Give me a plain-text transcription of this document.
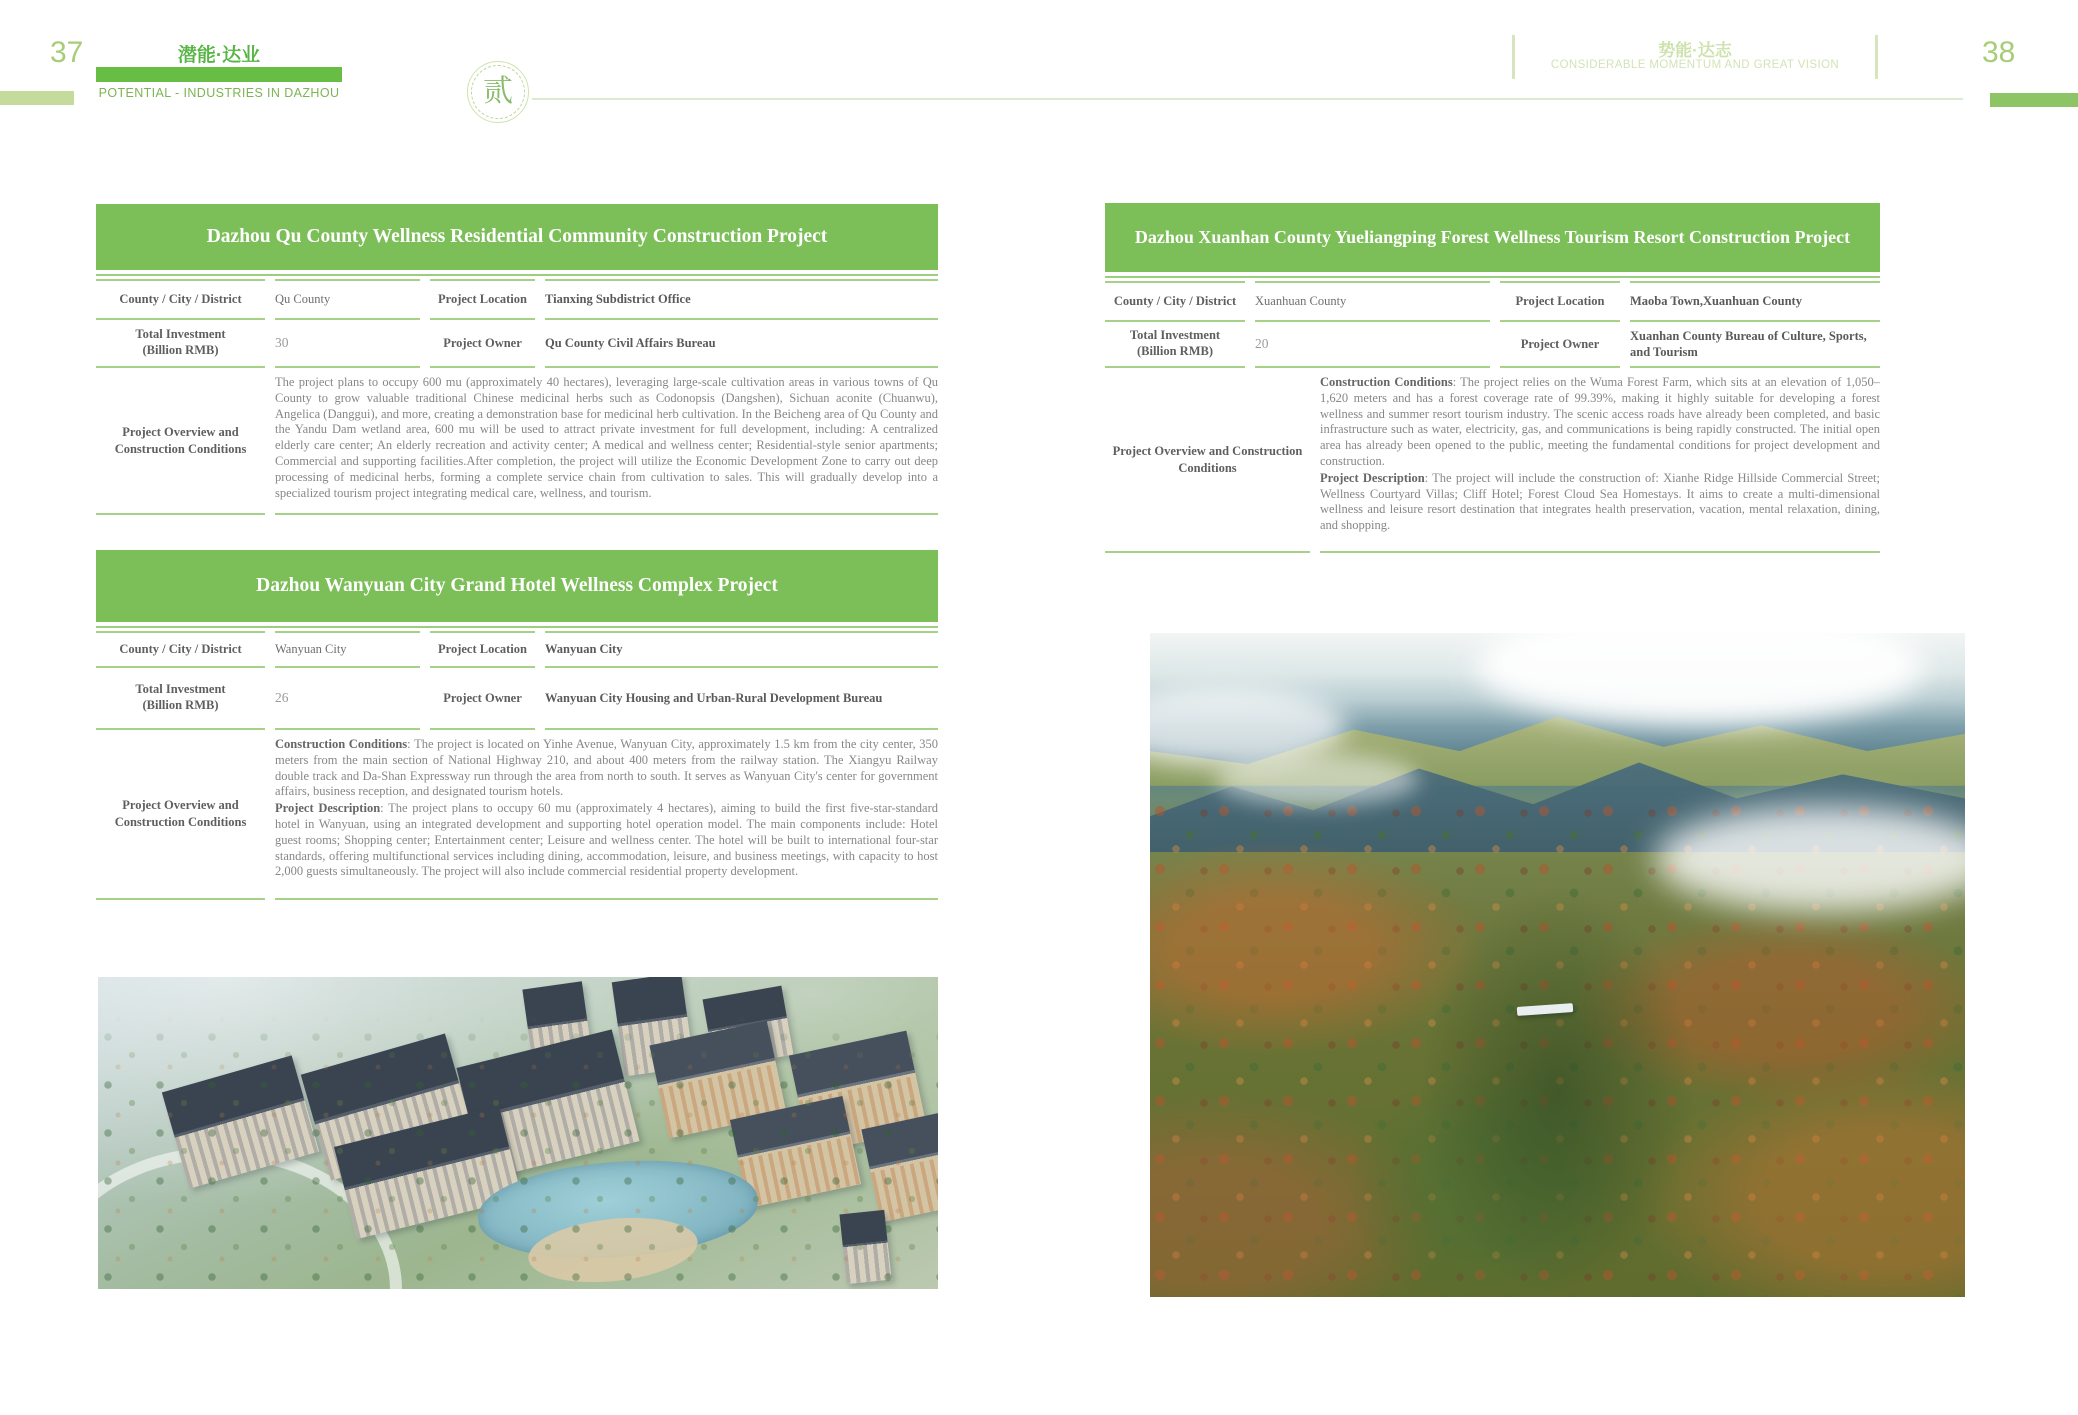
37	潜能·达业
POTENTIAL - INDUSTRIES IN DAZHOU	贰
势能·达志
CONSIDERABLE MOMENTUM AND GREAT VISION	38
Dazhou Qu County Wellness Residential Community Construction Project
County / City / District	Qu County	Project Location	Tianxing Subdistrict Office
Total Investment
(Billion RMB)	30	Project Owner	Qu County Civil Affairs Bureau
Project Overview and Construction Conditions

The project plans to occupy 600 mu (approximately 40 hectares), leveraging large-scale cultivation areas in various towns of Qu County to grow valuable traditional Chinese medicinal herbs such as Codonopsis (Dangshen), Sichuan aconite (Chuanwu), Angelica (Danggui), and more, creating a demonstration base for medicinal herb cultivation. In the Beicheng area of Qu County and the Yandu Dam wetland area, 600 mu will be used to attract private investment for full development, including: A centralized elderly care center; An elderly recreation and activity center; A medical and wellness center; Residential-style senior apartments; Commercial and supporting facilities.After completion, the project will utilize the Economic Development Zone to carry out deep processing of medicinal herbs, forming a complete service chain from cultivation to sales. This will gradually develop into a specialized tourism project integrating medical care, wellness, and tourism.

Dazhou Wanyuan City Grand Hotel Wellness Complex Project
County / City / District	Wanyuan City	Project Location	Wanyuan City
Total Investment
(Billion RMB)	26	Project Owner	Wanyuan City Housing and Urban-Rural Development Bureau
Project Overview and Construction Conditions

Construction Conditions: The project is located on Yinhe Avenue, Wanyuan City, approximately 1.5 km from the city center, 350 meters from the main section of National Highway 210, and about 400 meters from the railway station. The Xiangyu Railway double track and Da-Shan Expressway run through the area from north to south. It serves as Wanyuan City's center for government affairs, business reception, and designated tourism hotels.

Project Description: The project plans to occupy 60 mu (approximately 4 hectares), aiming to build the first five-star-standard hotel in Wanyuan, using an integrated development and supporting hotel operation model. The main components include: Hotel guest rooms; Shopping center; Entertainment center; Leisure and wellness center. The hotel will be built to international four-star standards, offering multifunctional services including dining, accommodation, leisure, and business meetings, with capacity to host 2,000 guests simultaneously. The project will also include commercial residential property development.

Dazhou Xuanhan County Yueliangping Forest Wellness Tourism Resort Construction Project
County / City / District	Xuanhuan County	Project Location	Maoba Town,Xuanhuan County
Total Investment
(Billion RMB)	20	Project Owner
Xuanhan County Bureau of Culture, Sports, and Tourism
Project Overview and Construction Conditions

Construction Conditions: The project relies on the Wuma Forest Farm, which sits at an elevation of 1,050–1,620 meters and has a forest coverage rate of 99.39%, making it highly suitable for developing a forest wellness and summer resort tourism industry. The scenic access roads have already been completed, and basic infrastructure such as water, electricity, gas, and communications is being rapidly constructed. The initial open area has already been opened to the public, meeting the fundamental conditions for project development and construction.

Project Description: The project will include the construction of: Xianhe Ridge Hillside Commercial Street; Wellness Courtyard Villas; Cliff Hotel; Forest Cloud Sea Homestays. It aims to create a multi-dimensional wellness and leisure resort destination that integrates health preservation, vacation, mental relaxation, dining, and shopping.
